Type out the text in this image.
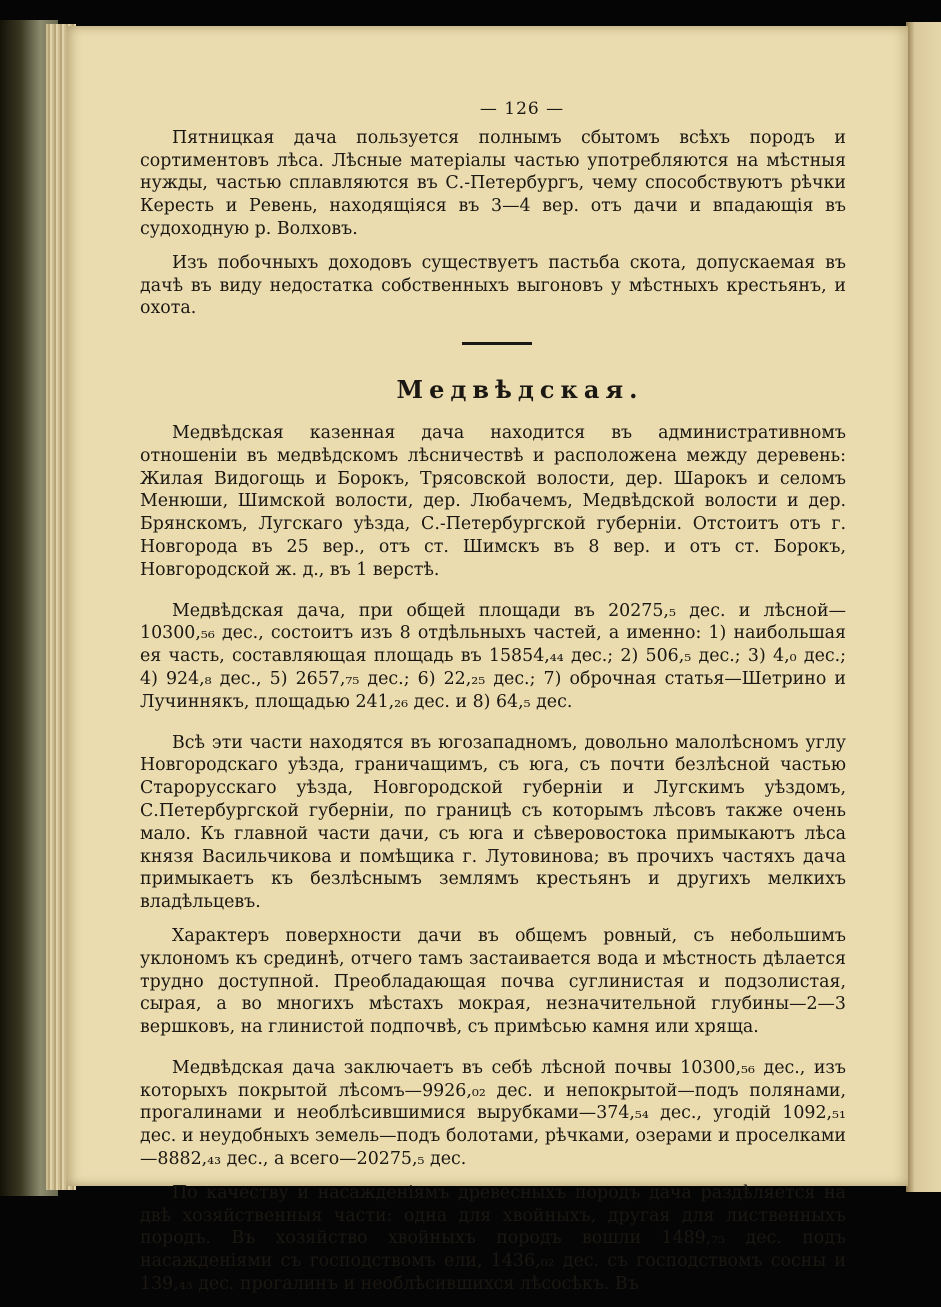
— 126 —

Пятницкая дача пользуется полнымъ сбытомъ всѣхъ породъ и сортиментовъ лѣса. Лѣсные матеріалы частью употребляются на мѣстныя нужды, частью сплавляются въ С.-Петербургъ, чему способствуютъ рѣчки Кересть и Ревень, находящіяся въ 3—4 вер. отъ дачи и впадающія въ судоходную р. Волховъ.

Изъ побочныхъ доходовъ существуетъ пастьба скота, допускаемая въ дачѣ въ виду недостатка собственныхъ выгоновъ у мѣстныхъ крестьянъ, и охота.

Медвѣдская.

Медвѣдская казенная дача находится въ административномъ отношеніи въ медвѣдскомъ лѣсничествѣ и расположена между деревень: Жилая Видогощь и Борокъ, Трясовской волости, дер. Шарокъ и селомъ Менюши, Шимской волости, дер. Любачемъ, Медвѣдской волости и дер. Брянскомъ, Лугскаго уѣзда, С.-Петербургской губерніи. Отстоитъ отъ г. Новгорода въ 25 вер., отъ ст. Шимскъ въ 8 вер. и отъ ст. Борокъ, Новгородской ж. д., въ 1 верстѣ.

Медвѣдская дача, при общей площади въ 20275,₅ дес. и лѣсной—10300,₅₆ дес., состоитъ изъ 8 отдѣльныхъ частей, а именно: 1) наибольшая ея часть, составляющая площадь въ 15854,₄₄ дес.; 2) 506,₅ дес.; 3) 4,₀ дес.; 4) 924,₈ дес., 5) 2657,₇₅ дес.; 6) 22,₂₅ дес.; 7) оброчная статья—Шетрино и Лучиннякъ, площадью 241,₂₆ дес. и 8) 64,₅ дес.

Всѣ эти части находятся въ югозападномъ, довольно малолѣсномъ углу Новгородскаго уѣзда, граничащимъ, съ юга, съ почти безлѣсной частью Старорусскаго уѣзда, Новгородской губерніи и Лугскимъ уѣздомъ, С.Петербургской губерніи, по границѣ съ которымъ лѣсовъ также очень мало. Къ главной части дачи, съ юга и сѣверовостока примыкаютъ лѣса князя Васильчикова и помѣщика г. Лутовинова; въ прочихъ частяхъ дача примыкаетъ къ безлѣснымъ землямъ крестьянъ и другихъ мелкихъ владѣльцевъ.

Характеръ поверхности дачи въ общемъ ровный, съ небольшимъ уклономъ къ срединѣ, отчего тамъ застаивается вода и мѣстность дѣлается трудно доступной. Преобладающая почва суглинистая и подзолистая, сырая, а во многихъ мѣстахъ мокрая, незначительной глубины—2—3 вершковъ, на глинистой подпочвѣ, съ примѣсью камня или хряща.

Медвѣдская дача заключаетъ въ себѣ лѣсной почвы 10300,₅₆ дес., изъ которыхъ покрытой лѣсомъ—9926,₀₂ дес. и непокрытой—подъ полянами, прогалинами и необлѣсившимися вырубками—374,₅₄ дес., угодій 1092,₅₁ дес. и неудобныхъ земель—подъ болотами, рѣчками, озерами и проселками—8882,₄₃ дес., а всего—20275,₅ дес.

По качеству и насажденіямъ древесныхъ породъ дача раздѣляется на двѣ хозяйственныя части: одна для хвойныхъ, другая для лиственныхъ породъ. Въ хозяйство хвойныхъ породъ вошли 1489,₇₅ дес. подъ насажденіями съ господствомъ ели, 1436,₀₂ дес. съ господствомъ сосны и 139,₄₃ дес. прогалинъ и необлѣсившихся лѣсосѣкъ. Въ
